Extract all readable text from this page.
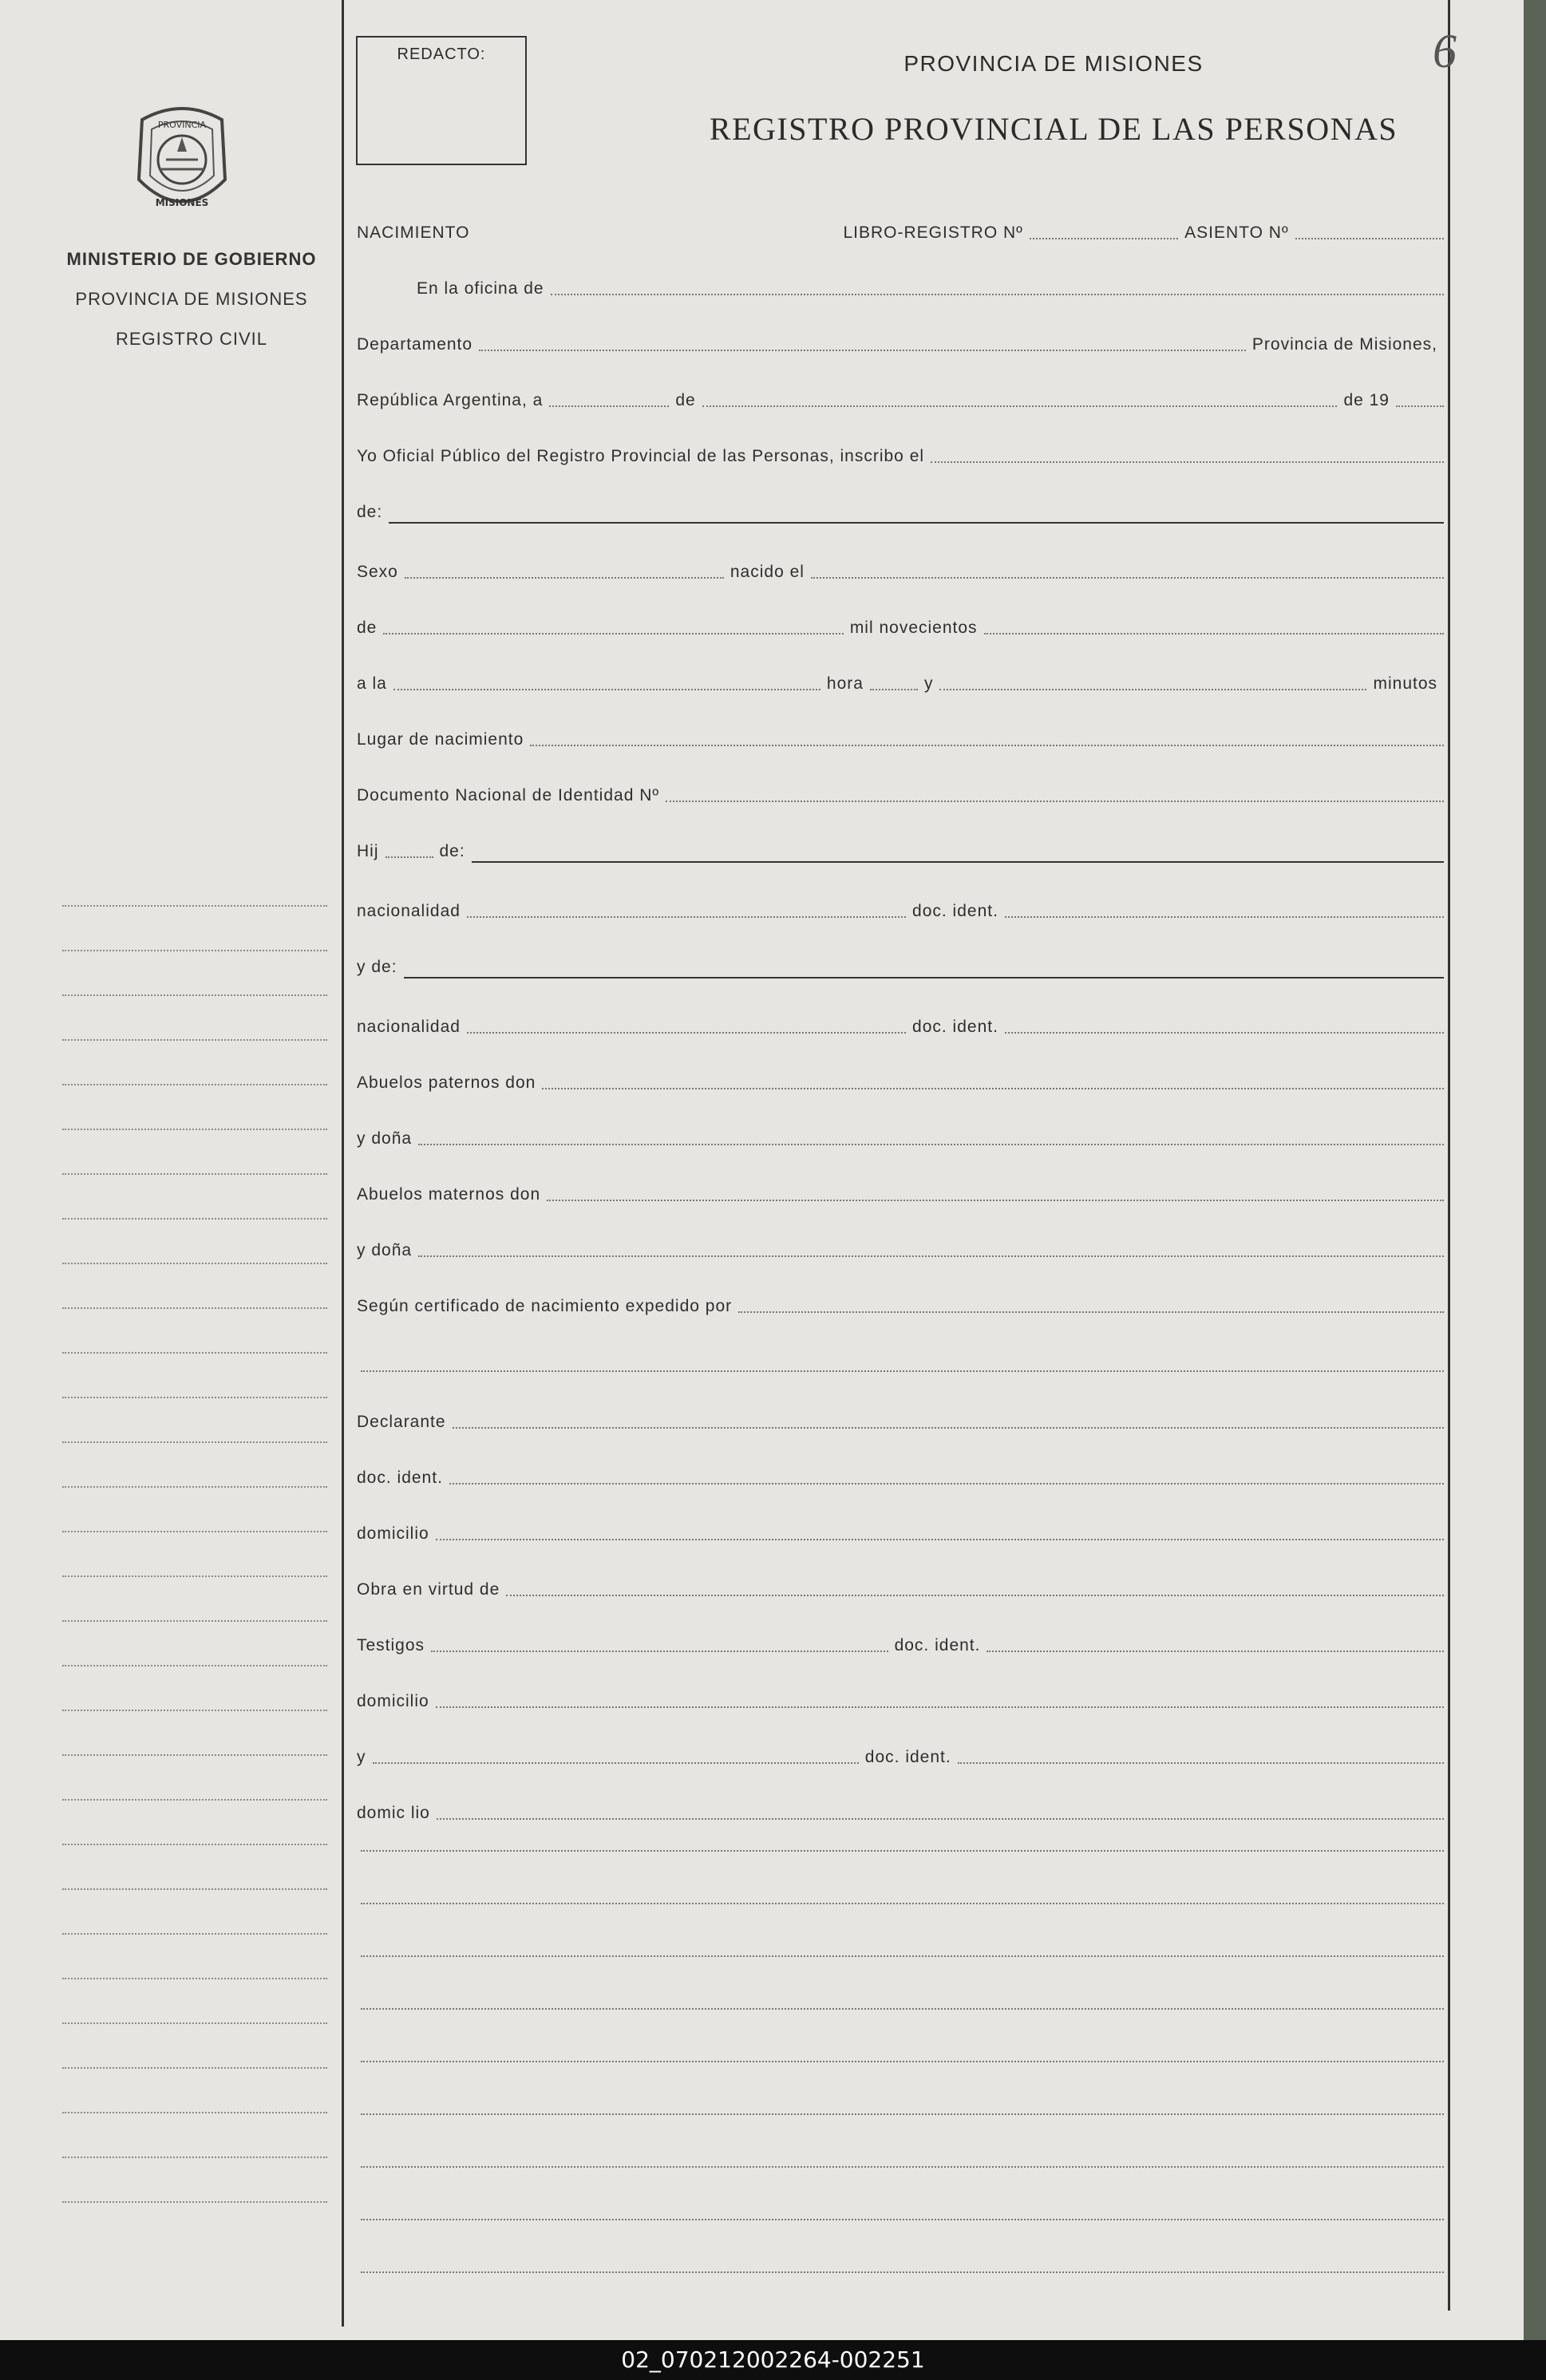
PROVINCIA
MISIONES
MINISTERIO DE GOBIERNO
PROVINCIA DE MISIONES
REGISTRO CIVIL
REDACTO:	PROVINCIA DE MISIONES
REGISTRO PROVINCIAL DE LAS PERSONAS
6
NACIMIENTO	LIBRO-REGISTRO Nº	ASIENTO Nº
En la oficina de
Departamento	Provincia de Misiones,
República Argentina, a	de	de 19
Yo Oficial Público del Registro Provincial de las Personas, inscribo el
de:
Sexo	nacido el
de	mil novecientos
a la	hora	y	minutos
Lugar de nacimiento
Documento Nacional de Identidad Nº
Hij	de:
nacionalidad	doc. ident.
y de:
nacionalidad	doc. ident.
Abuelos paternos don
y doña
Abuelos maternos don
y doña
Según certificado de nacimiento expedido por
Declarante
doc. ident.
domicilio
Obra en virtud de
Testigos	doc. ident.
domicilio
y	doc. ident.
domic lio
02_070212002264-002251
